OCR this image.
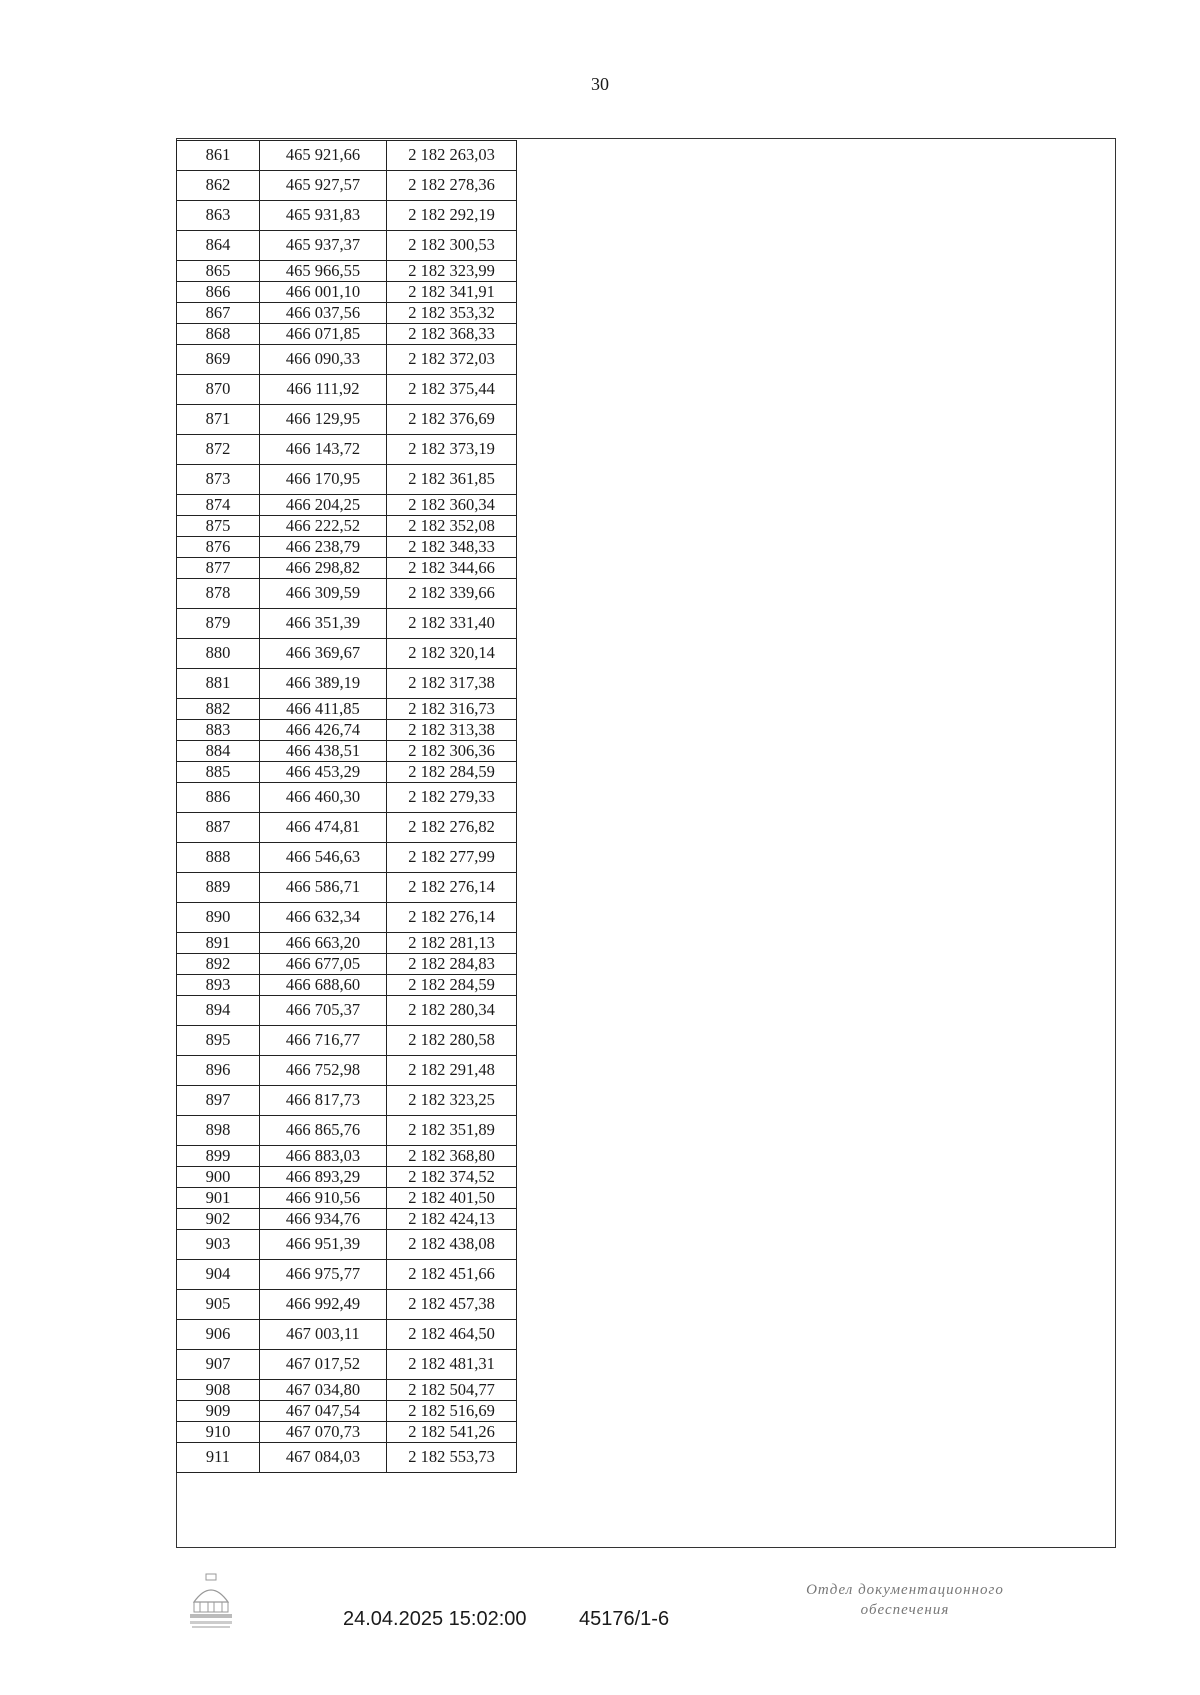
30
861	465 921,66	2 182 263,03
862	465 927,57	2 182 278,36
863	465 931,83	2 182 292,19
864	465 937,37	2 182 300,53
865	465 966,55	2 182 323,99
866	466 001,10	2 182 341,91
867	466 037,56	2 182 353,32
868	466 071,85	2 182 368,33
869	466 090,33	2 182 372,03
870	466 111,92	2 182 375,44
871	466 129,95	2 182 376,69
872	466 143,72	2 182 373,19
873	466 170,95	2 182 361,85
874	466 204,25	2 182 360,34
875	466 222,52	2 182 352,08
876	466 238,79	2 182 348,33
877	466 298,82	2 182 344,66
878	466 309,59	2 182 339,66
879	466 351,39	2 182 331,40
880	466 369,67	2 182 320,14
881	466 389,19	2 182 317,38
882	466 411,85	2 182 316,73
883	466 426,74	2 182 313,38
884	466 438,51	2 182 306,36
885	466 453,29	2 182 284,59
886	466 460,30	2 182 279,33
887	466 474,81	2 182 276,82
888	466 546,63	2 182 277,99
889	466 586,71	2 182 276,14
890	466 632,34	2 182 276,14
891	466 663,20	2 182 281,13
892	466 677,05	2 182 284,83
893	466 688,60	2 182 284,59
894	466 705,37	2 182 280,34
895	466 716,77	2 182 280,58
896	466 752,98	2 182 291,48
897	466 817,73	2 182 323,25
898	466 865,76	2 182 351,89
899	466 883,03	2 182 368,80
900	466 893,29	2 182 374,52
901	466 910,56	2 182 401,50
902	466 934,76	2 182 424,13
903	466 951,39	2 182 438,08
904	466 975,77	2 182 451,66
905	466 992,49	2 182 457,38
906	467 003,11	2 182 464,50
907	467 017,52	2 182 481,31
908	467 034,80	2 182 504,77
909	467 047,54	2 182 516,69
910	467 070,73	2 182 541,26
911	467 084,03	2 182 553,73
24.04.2025 15:02:00	45176/1-6
Отдел документационного
обеспечения
